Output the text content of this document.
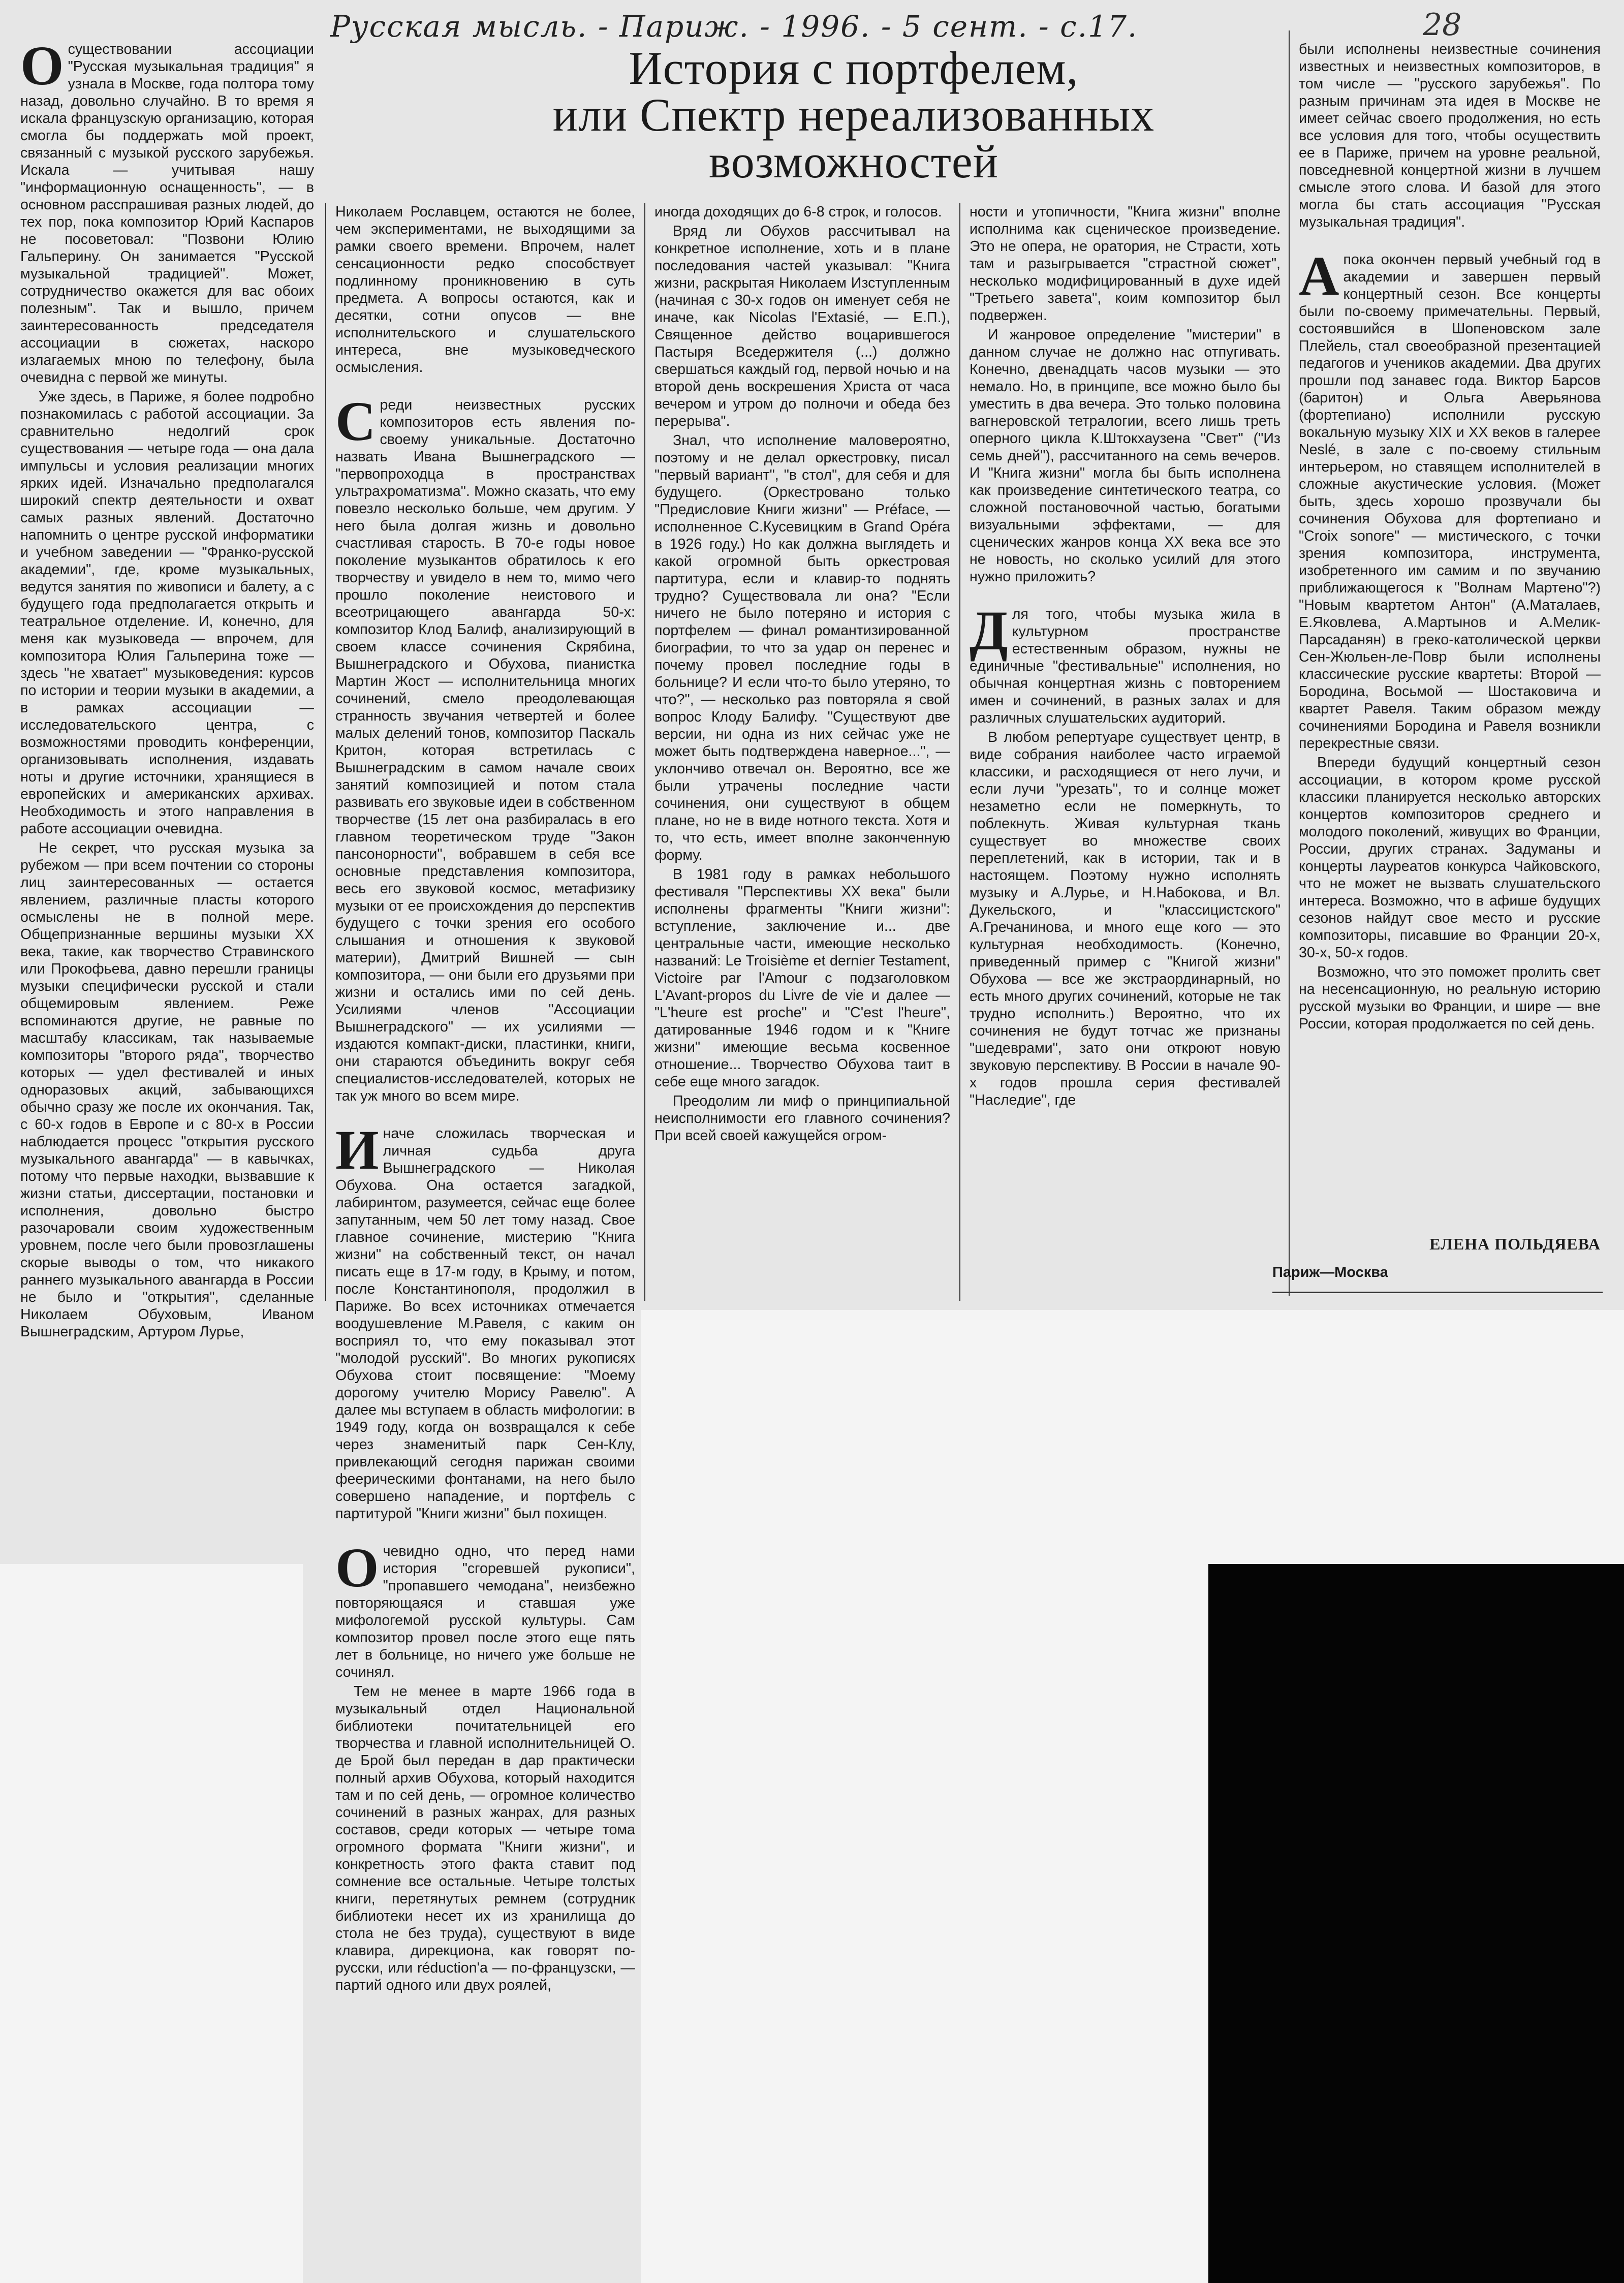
Русская мысль. - Париж. - 1996. - 5 сент. - с.17.	28
История с портфелем,
или Спектр нереализованных
возможностей

Осуществовании ассоциации "Русская музыкальная традиция" я узнала в Москве, года полтора тому назад, довольно случайно. В то время я искала французскую организацию, которая смогла бы поддержать мой проект, связанный с музыкой русского зарубежья. Искала — учитывая нашу "информационную оснащенность", — в основном расспрашивая разных людей, до тех пор, пока композитор Юрий Каспаров не посоветовал: "Позвони Юлию Гальперину. Он занимается "Русской музыкальной традицией". Может, сотрудничество окажется для вас обоих полезным". Так и вышло, причем заинтересованность председателя ассоциации в сюжетах, наскоро излагаемых мною по телефону, была очевидна с первой же минуты.

Уже здесь, в Париже, я более подробно познакомилась с работой ассоциации. За сравнительно недолгий срок существования — четыре года — она дала импульсы и условия реализации многих ярких идей. Изначально предполагался широкий спектр деятельности и охват самых разных явлений. Достаточно напомнить о центре русской информатики и учебном заведении — "Франко-русской академии", где, кроме музыкальных, ведутся занятия по живописи и балету, а с будущего года предполагается открыть и театральное отделение. И, конечно, для меня как музыковеда — впрочем, для композитора Юлия Гальперина тоже — здесь "не хватает" музыковедения: курсов по истории и теории музыки в академии, а в рамках ассоциации — исследовательского центра, с возможностями проводить конференции, организовывать исполнения, издавать ноты и другие источники, хранящиеся в европейских и американских архивах. Необходимость и этого направления в работе ассоциации очевидна.

Не секрет, что русская музыка за рубежом — при всем почтении со стороны лиц заинтересованных — остается явлением, различные пласты которого осмыслены не в полной мере. Общепризнанные вершины музыки XX века, такие, как творчество Стравинского или Прокофьева, давно перешли границы музыки специфически русской и стали общемировым явлением. Реже вспоминаются другие, не равные по масштабу классикам, так называемые композиторы "второго ряда", творчество которых — удел фестивалей и иных одноразовых акций, забывающихся обычно сразу же после их окончания. Так, с 60-х годов в Европе и с 80-х в России наблюдается процесс "открытия русского музыкального авангарда" — в кавычках, потому что первые находки, вызвавшие к жизни статьи, диссертации, постановки и исполнения, довольно быстро разочаровали своим художественным уровнем, после чего были провозглашены скорые выводы о том, что никакого раннего музыкального авангарда в России не было и "открытия", сделанные Николаем Обуховым, Иваном Вышнеградским, Артуром Лурье,

Николаем Рославцем, остаются не более, чем экспериментами, не выходящими за рамки своего времени. Впрочем, налет сенсационности редко способствует подлинному проникновению в суть предмета. А вопросы остаются, как и десятки, сотни опусов — вне исполнительского и слушательского интереса, вне музыковедческого осмысления.

Среди неизвестных русских композиторов есть явления по-своему уникальные. Достаточно назвать Ивана Вышнеградского — "первопроходца в пространствах ультрахроматизма". Можно сказать, что ему повезло несколько больше, чем другим. У него была долгая жизнь и довольно счастливая старость. В 70-е годы новое поколение музыкантов обратилось к его творчеству и увидело в нем то, мимо чего прошло поколение неистового и всеотрицающего авангарда 50-х: композитор Клод Балиф, анализирующий в своем классе сочинения Скрябина, Вышнеградского и Обухова, пианистка Мартин Жост — исполнительница многих сочинений, смело преодолевающая странность звучания четвертей и более малых делений тонов, композитор Паскаль Критон, которая встретилась с Вышнеградским в самом начале своих занятий композицией и потом стала развивать его звуковые идеи в собственном творчестве (15 лет она разбиралась в его главном теоретическом труде "Закон пансонорности", вобравшем в себя все основные представления композитора, весь его звуковой космос, метафизику музыки от ее происхождения до перспектив будущего с точки зрения его особого слышания и отношения к звуковой материи), Дмитрий Вишней — сын композитора, — они были его друзьями при жизни и остались ими по сей день. Усилиями членов "Ассоциации Вышнеградского" — их усилиями — издаются компакт-диски, пластинки, книги, они стараются объединить вокруг себя специалистов-исследователей, которых не так уж много во всем мире.

Иначе сложилась творческая и личная судьба друга Вышнеградского — Николая Обухова. Она остается загадкой, лабиринтом, разумеется, сейчас еще более запутанным, чем 50 лет тому назад. Свое главное сочинение, мистерию "Книга жизни" на собственный текст, он начал писать еще в 17-м году, в Крыму, и потом, после Константинополя, продолжил в Париже. Во всех источниках отмечается воодушевление М.Равеля, с каким он восприял то, что ему показывал этот "молодой русский". Во многих рукописях Обухова стоит посвящение: "Моему дорогому учителю Морису Равелю". А далее мы вступаем в область мифологии: в 1949 году, когда он возвращался к себе через знаменитый парк Сен-Клу, привлекающий сегодня парижан своими феерическими фонтанами, на него было совершено нападение, и портфель с партитурой "Книги жизни" был похищен.

Очевидно одно, что перед нами история "сгоревшей рукописи", "пропавшего чемодана", неизбежно повторяющаяся и ставшая уже мифологемой русской культуры. Сам композитор провел после этого еще пять лет в больнице, но ничего уже больше не сочинял.

Тем не менее в марте 1966 года в музыкальный отдел Национальной библиотеки почитательницей его творчества и главной исполнительницей О. де Брой был передан в дар практически полный архив Обухова, который находится там и по сей день, — огромное количество сочинений в разных жанрах, для разных составов, среди которых — четыре тома огромного формата "Книги жизни", и конкретность этого факта ставит под сомнение все остальные. Четыре толстых книги, перетянутых ремнем (сотрудник библиотеки несет их из хранилища до стола не без труда), существуют в виде клавира, дирекциона, как говорят по-русски, или réduction'а — по-французски, — партий одного или двух роялей,

иногда доходящих до 6-8 строк, и голосов.

Вряд ли Обухов рассчитывал на конкретное исполнение, хоть и в плане последования частей указывал: "Книга жизни, раскрытая Николаем Изступленным (начиная с 30-х годов он именует себя не иначе, как Nicolas l'Extasié, — Е.П.), Священное действо воцарившегося Пастыря Вседержителя (...) должно свершаться каждый год, первой ночью и на второй день воскрешения Христа от часа вечером и утром до полночи и обеда без перерыва".

Знал, что исполнение маловероятно, поэтому и не делал оркестровку, писал "первый вариант", "в стол", для себя и для будущего. (Оркестровано только "Предисловие Книги жизни" — Préface, — исполненное С.Кусевицким в Grand Opéra в 1926 году.) Но как должна выглядеть и какой огромной быть оркестровая партитура, если и клавир-то поднять трудно? Существовала ли она? "Если ничего не было потеряно и история с портфелем — финал романтизированной биографии, то что за удар он перенес и почему провел последние годы в больнице? И если что-то было утеряно, то что?", — несколько раз повторяла я свой вопрос Клоду Балифу. "Существуют две версии, ни одна из них сейчас уже не может быть подтверждена наверное...", — уклончиво отвечал он. Вероятно, все же были утрачены последние части сочинения, они существуют в общем плане, но не в виде нотного текста. Хотя и то, что есть, имеет вполне законченную форму.

В 1981 году в рамках небольшого фестиваля "Перспективы XX века" были исполнены фрагменты "Книги жизни": вступление, заключение и... две центральные части, имеющие несколько названий: Le Troisième et dernier Testament, Victoire par l'Amour с подзаголовком L'Avant-propos du Livre de vie и далее — "L'heure est proche" и "C'est l'heure", датированные 1946 годом и к "Книге жизни" имеющие весьма косвенное отношение... Творчество Обухова таит в себе еще много загадок.

Преодолим ли миф о принципиальной неисполнимости его главного сочинения? При всей своей кажущейся огром-

ности и утопичности, "Книга жизни" вполне исполнима как сценическое произведение. Это не опера, не оратория, не Страсти, хоть там и разыгрывается "страстной сюжет", несколько модифицированный в духе идей "Третьего завета", коим композитор был подвержен.

И жанровое определение "мистерии" в данном случае не должно нас отпугивать. Конечно, двенадцать часов музыки — это немало. Но, в принципе, все можно было бы уместить в два вечера. Это только половина вагнеровской тетралогии, всего лишь треть оперного цикла К.Штокхаузена "Свет" ("Из семь дней"), рассчитанного на семь вечеров. И "Книга жизни" могла бы быть исполнена как произведение синтетического театра, со сложной постановочной частью, богатыми визуальными эффектами, — для сценических жанров конца XX века все это не новость, но сколько усилий для этого нужно приложить?

Для того, чтобы музыка жила в культурном пространстве естественным образом, нужны не единичные "фестивальные" исполнения, но обычная концертная жизнь с повторением имен и сочинений, в разных залах и для различных слушательских аудиторий.

В любом репертуаре существует центр, в виде собрания наиболее часто играемой классики, и расходящиеся от него лучи, и если лучи "урезать", то и солнце может незаметно если не померкнуть, то поблекнуть. Живая культурная ткань существует во множестве своих переплетений, как в истории, так и в настоящем. Поэтому нужно исполнять музыку и А.Лурье, и Н.Набокова, и Вл. Дукельского, и "классицистского" А.Гречанинова, и много еще кого — это культурная необходимость. (Конечно, приведенный пример с "Книгой жизни" Обухова — все же экстраординарный, но есть много других сочинений, которые не так трудно исполнить.) Вероятно, что их сочинения не будут тотчас же признаны "шедеврами", зато они откроют новую звуковую перспективу. В России в начале 90-х годов прошла серия фестивалей "Наследие", где

были исполнены неизвестные сочинения известных и неизвестных композиторов, в том числе — "русского зарубежья". По разным причинам эта идея в Москве не имеет сейчас своего продолжения, но есть все условия для того, чтобы осуществить ее в Париже, причем на уровне реальной, повседневной концертной жизни в лучшем смысле этого слова. И базой для этого могла бы стать ассоциация "Русская музыкальная традиция".

Апока окончен первый учебный год в академии и завершен первый концертный сезон. Все концерты были по-своему примечательны. Первый, состоявшийся в Шопеновском зале Плейель, стал своеобразной презентацией педагогов и учеников академии. Два других прошли под занавес года. Виктор Барсов (баритон) и Ольга Аверьянова (фортепиано) исполнили русскую вокальную музыку XIX и XX веков в галерее Neslé, в зале с по-своему стильным интерьером, но ставящем исполнителей в сложные акустические условия. (Может быть, здесь хорошо прозвучали бы сочинения Обухова для фортепиано и "Croix sonore" — мистического, с точки зрения композитора, инструмента, изобретенного им самим и по звучанию приближающегося к "Волнам Мартено"?) "Новым квартетом Антон" (А.Маталаев, Е.Яковлева, А.Мартынов и А.Мелик-Парсаданян) в греко-католической церкви Сен-Жюльен-ле-Повр были исполнены классические русские квартеты: Второй — Бородина, Восьмой — Шостаковича и квартет Равеля. Таким образом между сочинениями Бородина и Равеля возникли перекрестные связи.

Впереди будущий концертный сезон ассоциации, в котором кроме русской классики планируется несколько авторских концертов композиторов среднего и молодого поколений, живущих во Франции, России, других странах. Задуманы и концерты лауреатов конкурса Чайковского, что не может не вызвать слушательского интереса. Возможно, что в афише будущих сезонов найдут свое место и русские композиторы, писавшие во Франции 20-х, 30-х, 50-х годов.

Возможно, что это поможет пролить свет на несенсационную, но реальную историю русской музыки во Франции, и шире — вне России, которая продолжается по сей день.

ЕЛЕНА ПОЛЬДЯЕВА
Париж—Москва
